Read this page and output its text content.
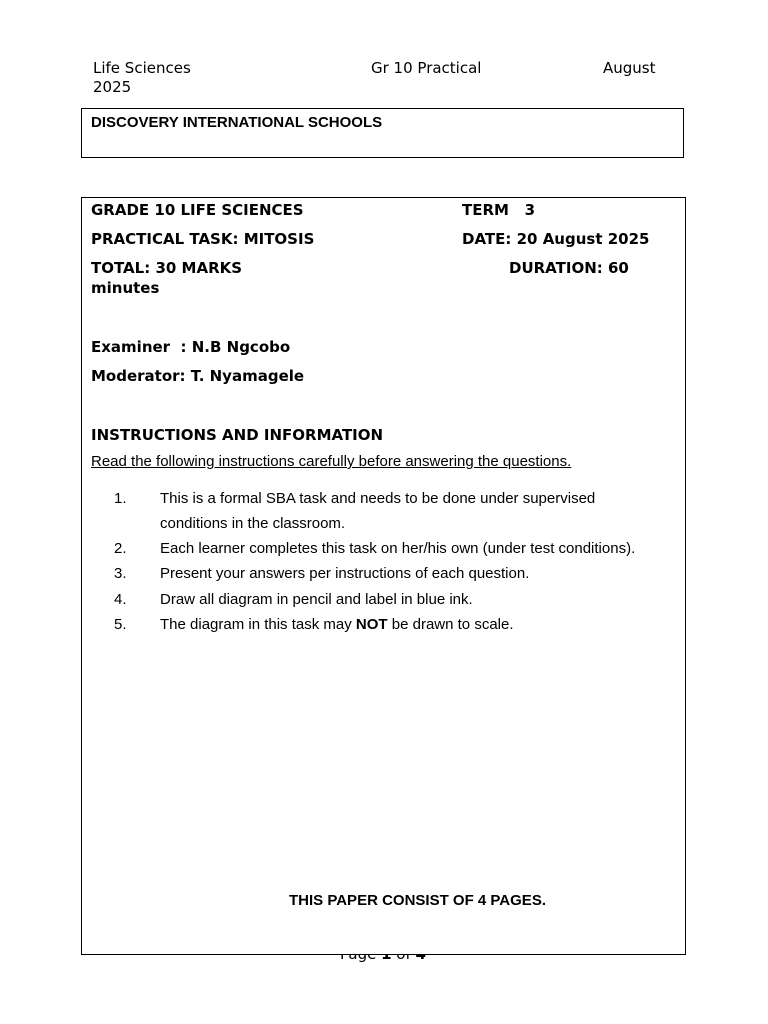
Life Sciences	Gr 10 Practical	August
2025
DISCOVERY INTERNATIONAL SCHOOLS
GRADE 10 LIFE SCIENCES	TERM   3
PRACTICAL TASK: MITOSIS	DATE: 20 August 2025
TOTAL: 30 MARKS	DURATION: 60
minutes
Examiner  : N.B Ngcobo
Moderator: T. Nyamagele
INSTRUCTIONS AND INFORMATION
Read the following instructions carefully before answering the questions.
1. This is a formal SBA task and needs to be done under supervised
conditions in the classroom.
2. Each learner completes this task on her/his own (under test conditions).
3. Present your answers per instructions of each question.
4. Draw all diagram in pencil and label in blue ink.
5. The diagram in this task may NOT be drawn to scale.
THIS PAPER CONSIST OF 4 PAGES.
